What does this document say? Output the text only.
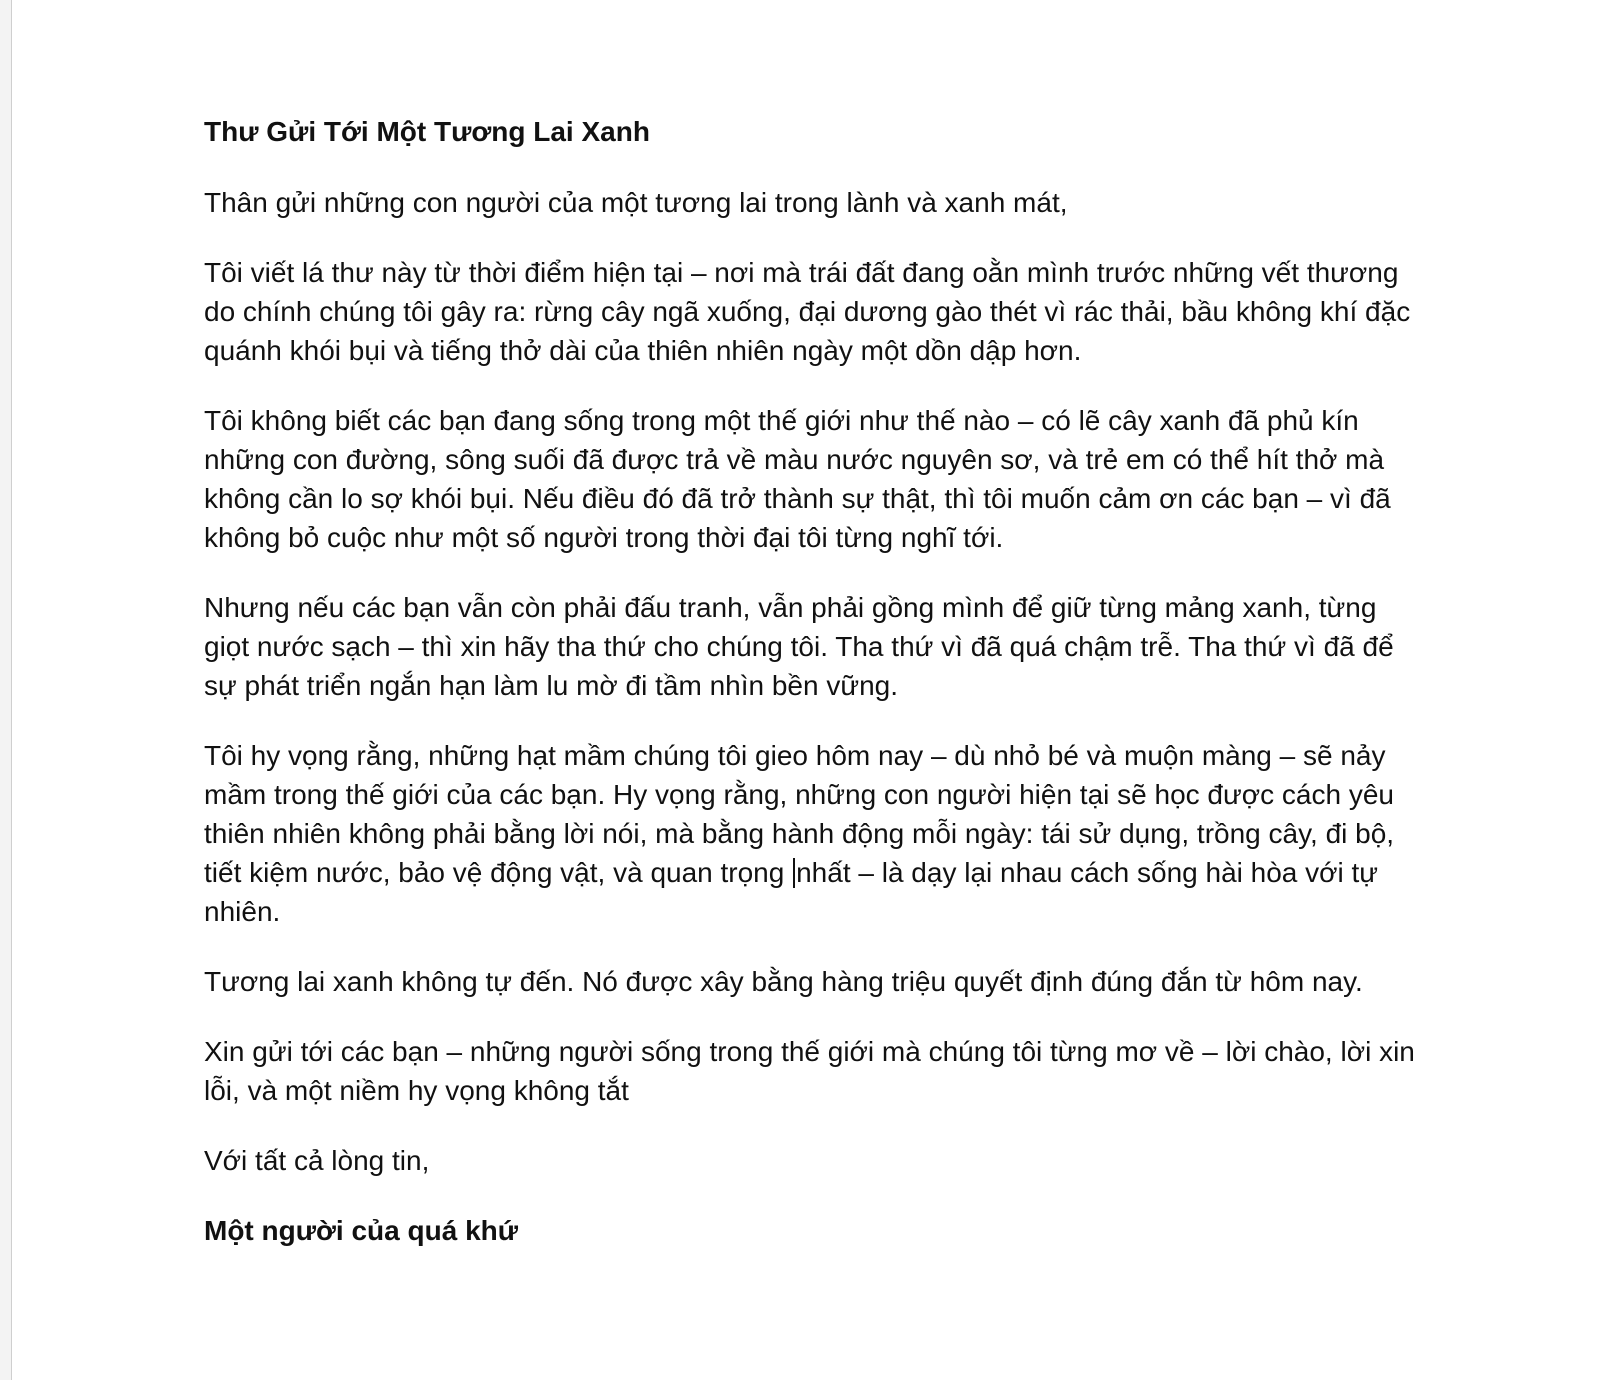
Thư Gửi Tới Một Tương Lai Xanh

Thân gửi những con người của một tương lai trong lành và xanh mát,

Tôi viết lá thư này từ thời điểm hiện tại – nơi mà trái đất đang oằn mình trước những vết thương do chính chúng tôi gây ra: rừng cây ngã xuống, đại dương gào thét vì rác thải, bầu không khí đặc quánh khói bụi và tiếng thở dài của thiên nhiên ngày một dồn dập hơn.

Tôi không biết các bạn đang sống trong một thế giới như thế nào – có lẽ cây xanh đã phủ kín những con đường, sông suối đã được trả về màu nước nguyên sơ, và trẻ em có thể hít thở mà không cần lo sợ khói bụi. Nếu điều đó đã trở thành sự thật, thì tôi muốn cảm ơn các bạn – vì đã không bỏ cuộc như một số người trong thời đại tôi từng nghĩ tới.

Nhưng nếu các bạn vẫn còn phải đấu tranh, vẫn phải gồng mình để giữ từng mảng xanh, từng giọt nước sạch – thì xin hãy tha thứ cho chúng tôi. Tha thứ vì đã quá chậm trễ. Tha thứ vì đã để sự phát triển ngắn hạn làm lu mờ đi tầm nhìn bền vững.

Tôi hy vọng rằng, những hạt mầm chúng tôi gieo hôm nay – dù nhỏ bé và muộn màng – sẽ nảy mầm trong thế giới của các bạn. Hy vọng rằng, những con người hiện tại sẽ học được cách yêu thiên nhiên không phải bằng lời nói, mà bằng hành động mỗi ngày: tái sử dụng, trồng cây, đi bộ, tiết kiệm nước, bảo vệ động vật, và quan trọng nhất – là dạy lại nhau cách sống hài hòa với tự nhiên.

Tương lai xanh không tự đến. Nó được xây bằng hàng triệu quyết định đúng đắn từ hôm nay.

Xin gửi tới các bạn – những người sống trong thế giới mà chúng tôi từng mơ về – lời chào, lời xin lỗi, và một niềm hy vọng không tắt

Với tất cả lòng tin,

Một người của quá khứ
